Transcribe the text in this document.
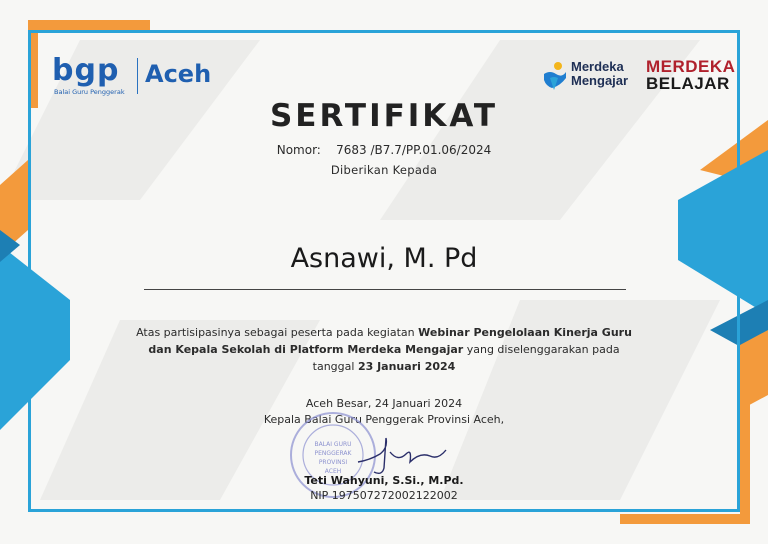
bgp
Balai Guru Penggerak
Aceh	Merdeka
Mengajar
MERDEKA
BELAJAR
SERTIFIKAT
Nomor: 7683 /B7.7/PP.01.06/2024
Diberikan Kepada
Asnawi, M. Pd
Atas partisipasinya sebagai peserta pada kegiatan Webinar Pengelolaan Kinerja Guru dan Kepala Sekolah di Platform Merdeka Mengajar yang diselenggarakan pada tanggal 23 Januari 2024
Aceh Besar, 24 Januari 2024
Kepala Balai Guru Penggerak Provinsi Aceh,
BALAI GURU
PENGGERAK
PROVINSI
ACEH
Teti Wahyuni, S.Si., M.Pd.
NIP 197507272002122002
